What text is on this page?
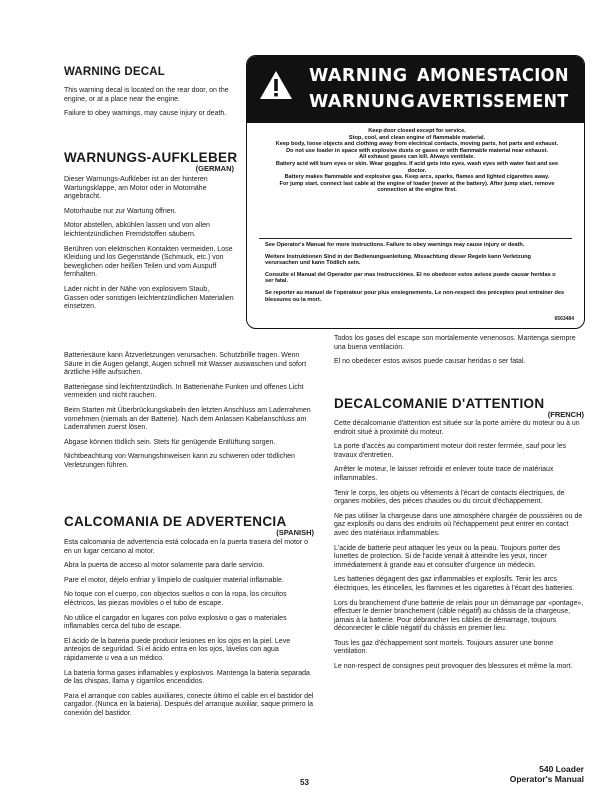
WARNING DECAL

This warning decal is located on the rear door, on the engine, or at a place near the engine.

Failure to obey warnings, may cause injury or death.

WARNUNGS-AUFKLEBER
(GERMAN)

Dieser Warnungs-Aufkleber ist an der hinteren Wartungsklappe, am Motor oder in Motornähe angebracht.

Motorhaube nur zur Wartung öffnen.

Motor abstellen, abkühlen lassen und von allen leichtentzündlichen Fremdstoffen säubern.

Berühren von elektrischen Kontakten vermeiden. Lose Kleidung und los Gegenstände (Schmuck, etc.) von beweglichen oder heißen Teilen und vom Auspuff fernhalten.

Lader nicht in der Nähe von explosivem Staub, Gassen oder sonstigen leichtentzündlichen Materialien einsetzen.

WARNING AMONESTACION
WARNUNG AVERTISSEMENT
Keep door closed except for service.
Stop, cool, and clean engine of flammable material.
Keep body, loose objects and clothing away from electrical contacts, moving parts, hot parts and exhaust.
Do not use loader in space with explosive dusts or gases or with flammable material near exhaust.
All exhaust gases can kill. Always ventilate.
Battery acid will burn eyes or skin. Wear goggles. If acid gets into eyes, wash eyes with water fast and see doctor.
Battery makes flammable and explosive gas. Keep arcs, sparks, flames and lighted cigarettes away.
For jump start, connect last cable at the engine of loader (never at the battery). After jump start, remove connection at the engine first.
See Operator's Manual for more instructions. Failure to obey warnings may cause injury or death.
Weitere Instruktionen Sind in der Bedienungsanleitung. Missachtung dieser Regeln kann Verletzung verursachen und kann Tödlich sein.
Consulte el Manual del Operador par mas instrucciónes. El no obedecer estos avisos puede causar heridas o ser fatal.
Se reporter au manuel de l'opérateur pour plus ensiegnements. Le non-respect des préceptes peut entraîner des blessures ou la mort.
6563484

Batteriesäure kann Ätzverletzungen verursachen. Schutzbrille tragen. Wenn Säure in die Augen gelangt, Augen schnell mit Wasser auswaschen und sofort ärztliche Hilfe aufsuchen.

Batteriegase sind leichtentzündlich. In Batterienähe Funken und offenes Licht vermeiden und nicht rauchen.

Beim Starten mit Überbrückungskabeln den letzten Anschluss am Laderrahmen vornehmen (niemals an der Batterie). Nach dem Anlassen Kabelanschluss am Laderrahmen zuerst lösen.

Abgase können tödlich sein. Stets für genügende Entlüftung sorgen.

Nichtbeachtung von Warnungshinweisen kann zu schweren oder tödlichen Verletzungen führen.

CALCOMANIA DE ADVERTENCIA
(SPANISH)

Esta calcomania de advertencia está colocada en la puerta trasera del motor o en un lugar cercano al motor.

Abra la puerta de acceso al motor solamente para darle servicio.

Pare el motor, déjelo enfriar y limpielo de cualquier material inflamable.

No toque con el cuerpo, con objectos sueltos o con la ropa, los circuitos eléctricos, las piezas movibles o el tubo de escape.

No utilice el cargador en lugares con polvo explosivo o gas o materiales inflamables cerca del tubo de escape.

El ácido de la bateria puede producir lesiones en los ojos en la piel. Leve anteojos de seguridad. Si el ácido entra en los ojos, lávelos con agua rápidamente u vea a un médico.

La bateria forma gases inflamables y explosivos. Mantenga la bateria separada de las chispas, llama y cigarrilos encendidos.

Para el arranque con cables auxiliares, conecte último el cable en el bastidor del cargador. (Nunca en la bateria). Después del arranque auxiliar, saque primero la conexión del bastidor.

Todos los gases del escape son mortalemente venenosos. Mantenga siempre una buena ventilación.

El no obedecer estos avisos puede causar heridas o ser fatal.

DECALCOMANIE D'ATTENTION
(FRENCH)

Cette décalcomanie d'attention est située sur la porte arrière du moteur ou à un endroit situé à proximité du moteur.

La porte d'accès au compartiment moteur doit rester ferrmée, sauf pour les travaux d'entretien.

Arrêter le moteur, le laisser refroidir et enlever toute trace de matériaux inflammables.

Tenir le corps, les objets ou vêtements à l'écart de contacts électriques, de organes mobiles, des pièces chaudes ou du circuit d'échappement.

Ne pas utiliser la chargeuse dans une atmosphère chargée de poussières ou de gaz explosifs ou dans des endroits où l'échappement peut entrer en contact avec des matériaux inflammables.

L'acide de batterie peut attaquer les yeux ou la peau. Toujours porter des lunettes de protection. Si de l'acide venait à atteindre les yeux, rincer immédiatement à grande eau et consulter d'urgence un médecin.

Les batteries dégagent des gaz inflammables et explosifs. Tenir les arcs électriques, les étincelles, les flammes et les cigarettes à l'écart des batteries.

Lors du branchement d'une batterie de relais pour un démarrage par «pontage», effectuer le dernier branchement (câble négatif) au châssis de la chargeuse, jamais à la batterie. Pour débrancher les câbles de démarrage, toujours déconnecter le câble négatif du châssis en premier lieu.

Tous les gaz d'échappement sont mortels. Toujours assurer une bonne ventilation.

Le non-respect de consignes peut provoquer des blessures et même la mort.

540 Loader
Operator's Manual
53
